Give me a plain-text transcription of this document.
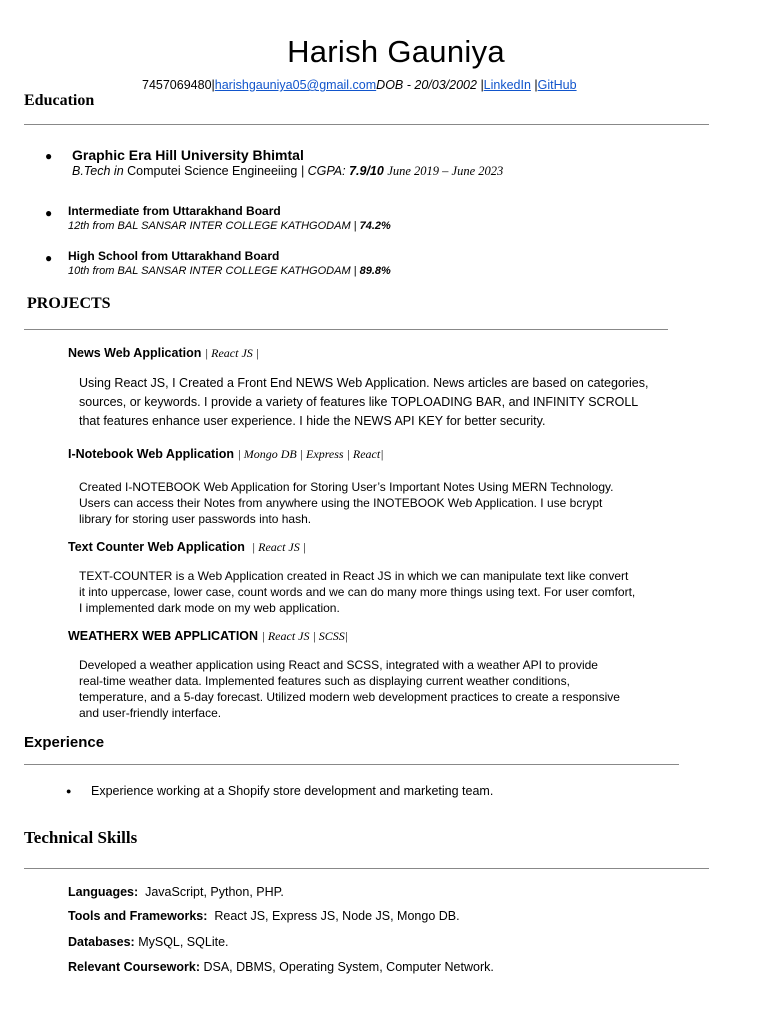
Harish Gauniya
7457069480|harishgauniya05@gmail.comDOB - 20/03/2002 |LinkedIn |GitHub
Education
● Graphic Era Hill University Bhimtal
B.Tech in Computei Science Engineeiing | CGPA: 7.9/10 June 2019 – June 2023
● Intermediate from Uttarakhand Board
12th from BAL SANSAR INTER COLLEGE KATHGODAM | 74.2%
● High School from Uttarakhand Board
10th from BAL SANSAR INTER COLLEGE KATHGODAM | 89.8%
PROJECTS
News Web Application | React JS |
Using React JS, I Created a Front End NEWS Web Application. News articles are based on categories,
sources, or keywords. I provide a variety of features like TOPLOADING BAR, and INFINITY SCROLL
that features enhance user experience. I hide the NEWS API KEY for better security.
I-Notebook Web Application | Mongo DB | Express | React|
Created I-NOTEBOOK Web Application for Storing User’s Important Notes Using MERN Technology.
Users can access their Notes from anywhere using the INOTEBOOK Web Application. I use bcrypt
library for storing user passwords into hash.
Text Counter Web Application | React JS |
TEXT-COUNTER is a Web Application created in React JS in which we can manipulate text like convert
it into uppercase, lower case, count words and we can do many more things using text. For user comfort,
I implemented dark mode on my web application.
WEATHERX WEB APPLICATION | React JS | SCSS|
Developed a weather application using React and SCSS, integrated with a weather API to provide
real-time weather data. Implemented features such as displaying current weather conditions,
temperature, and a 5-day forecast. Utilized modern web development practices to create a responsive
and user-friendly interface.
Experience
● Experience working at a Shopify store development and marketing team.
Technical Skills
Languages: JavaScript, Python, PHP.
Tools and Frameworks: React JS, Express JS, Node JS, Mongo DB.
Databases: MySQL, SQLite.
Relevant Coursework: DSA, DBMS, Operating System, Computer Network.
